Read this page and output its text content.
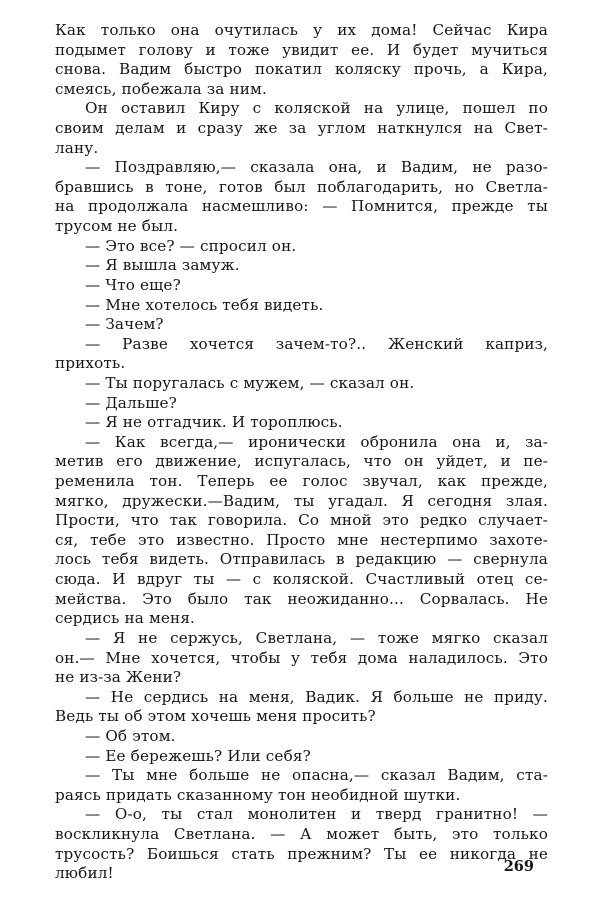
Как только она очутилась у их дома! Сейчас Кира
подымет голову и тоже увидит ее. И будет мучиться
снова. Вадим быстро покатил коляску прочь, а Кира,
смеясь, побежала за ним.
Он оставил Киру с коляской на улице, пошел по
своим делам и сразу же за углом наткнулся на Свет-
лану.
— Поздравляю,— сказала она, и Вадим, не разо-
бравшись в тоне, готов был поблагодарить, но Светла-
на продолжала насмешливо: — Помнится, прежде ты
трусом не был.
— Это все? — спросил он.
— Я вышла замуж.
— Что еще?
— Мне хотелось тебя видеть.
— Зачем?
— Разве хочется зачем-то?.. Женский каприз,
прихоть.
— Ты поругалась с мужем, — сказал он.
— Дальше?
— Я не отгадчик. И тороплюсь.
— Как всегда,— иронически обронила она и, за-
метив его движение, испугалась, что он уйдет, и пе-
ременила тон. Теперь ее голос звучал, как прежде,
мягко, дружески.—Вадим, ты угадал. Я сегодня злая.
Прости, что так говорила. Со мной это редко случает-
ся, тебе это известно. Просто мне нестерпимо захоте-
лось тебя видеть. Отправилась в редакцию — свернула
сюда. И вдруг ты — с коляской. Счастливый отец се-
мейства. Это было так неожиданно... Сорвалась. Не
сердись на меня.
— Я не сержусь, Светлана, — тоже мягко сказал
он.— Мне хочется, чтобы у тебя дома наладилось. Это
не из-за Жени?
— Не сердись на меня, Вадик. Я больше не приду.
Ведь ты об этом хочешь меня просить?
— Об этом.
— Ее бережешь? Или себя?
— Ты мне больше не опасна,— сказал Вадим, ста-
раясь придать сказанному тон необидной шутки.
— О-о, ты стал монолитен и тверд гранитно! —
воскликнула Светлана. — А может быть, это только
трусость? Боишься стать прежним? Ты ее никогда не
любил!	269
